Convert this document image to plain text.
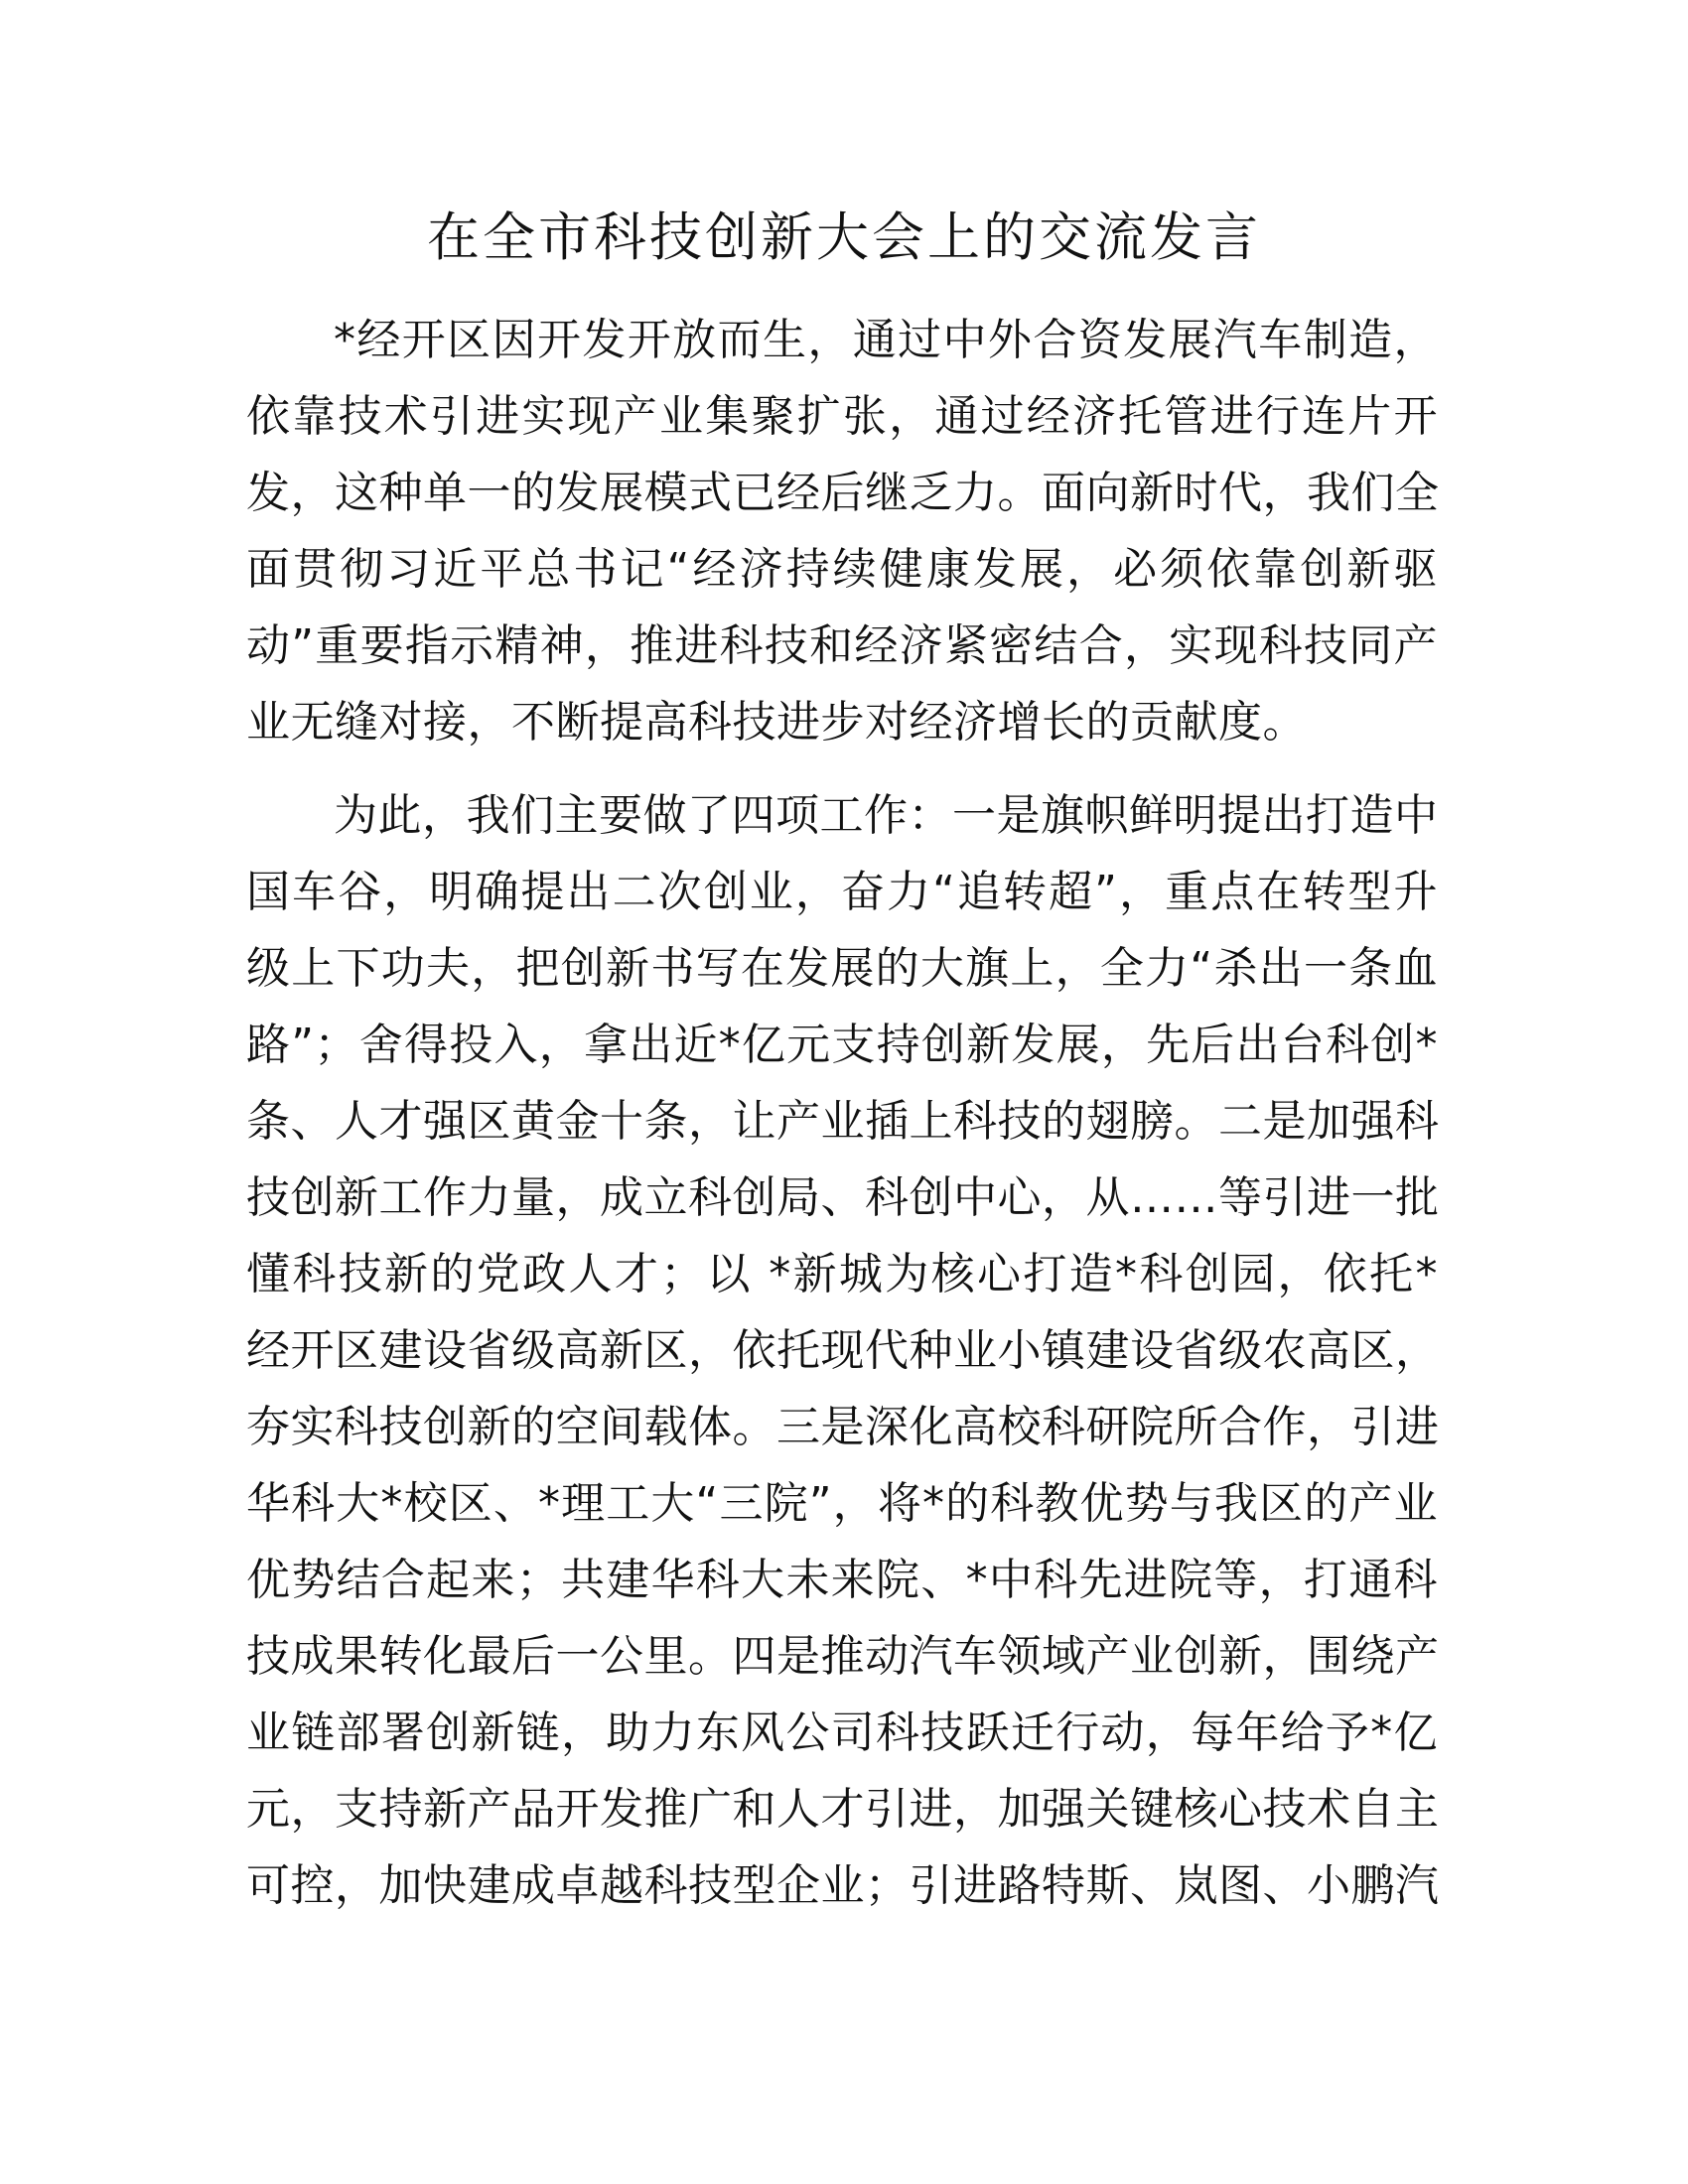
在全市科技创新大会上的交流发言
*经开区因开发开放而生，通过中外合资发展汽车制造，
依靠技术引进实现产业集聚扩张，通过经济托管进行连片开
发，这种单一的发展模式已经后继乏力。面向新时代，我们全
面贯彻习近平总书记“经济持续健康发展，必须依靠创新驱
动”重要指示精神，推进科技和经济紧密结合，实现科技同产
业无缝对接，不断提高科技进步对经济增长的贡献度。
为此，我们主要做了四项工作：一是旗帜鲜明提出打造中
国车谷，明确提出二次创业，奋力“追转超”，重点在转型升
级上下功夫，把创新书写在发展的大旗上，全力“杀出一条血
路”；舍得投入，拿出近*亿元支持创新发展，先后出台科创*
条、人才强区黄金十条，让产业插上科技的翅膀。二是加强科
技创新工作力量，成立科创局、科创中心，从……等引进一批
懂科技新的党政人才；以 *新城为核心打造*科创园，依托*
经开区建设省级高新区，依托现代种业小镇建设省级农高区，
夯实科技创新的空间载体。三是深化高校科研院所合作，引进
华科大*校区、*理工大“三院”，将*的科教优势与我区的产业
优势结合起来；共建华科大未来院、*中科先进院等，打通科
技成果转化最后一公里。四是推动汽车领域产业创新，围绕产
业链部署创新链，助力东风公司科技跃迁行动，每年给予*亿
元，支持新产品开发推广和人才引进，加强关键核心技术自主
可控，加快建成卓越科技型企业；引进路特斯、岚图、小鹏汽
